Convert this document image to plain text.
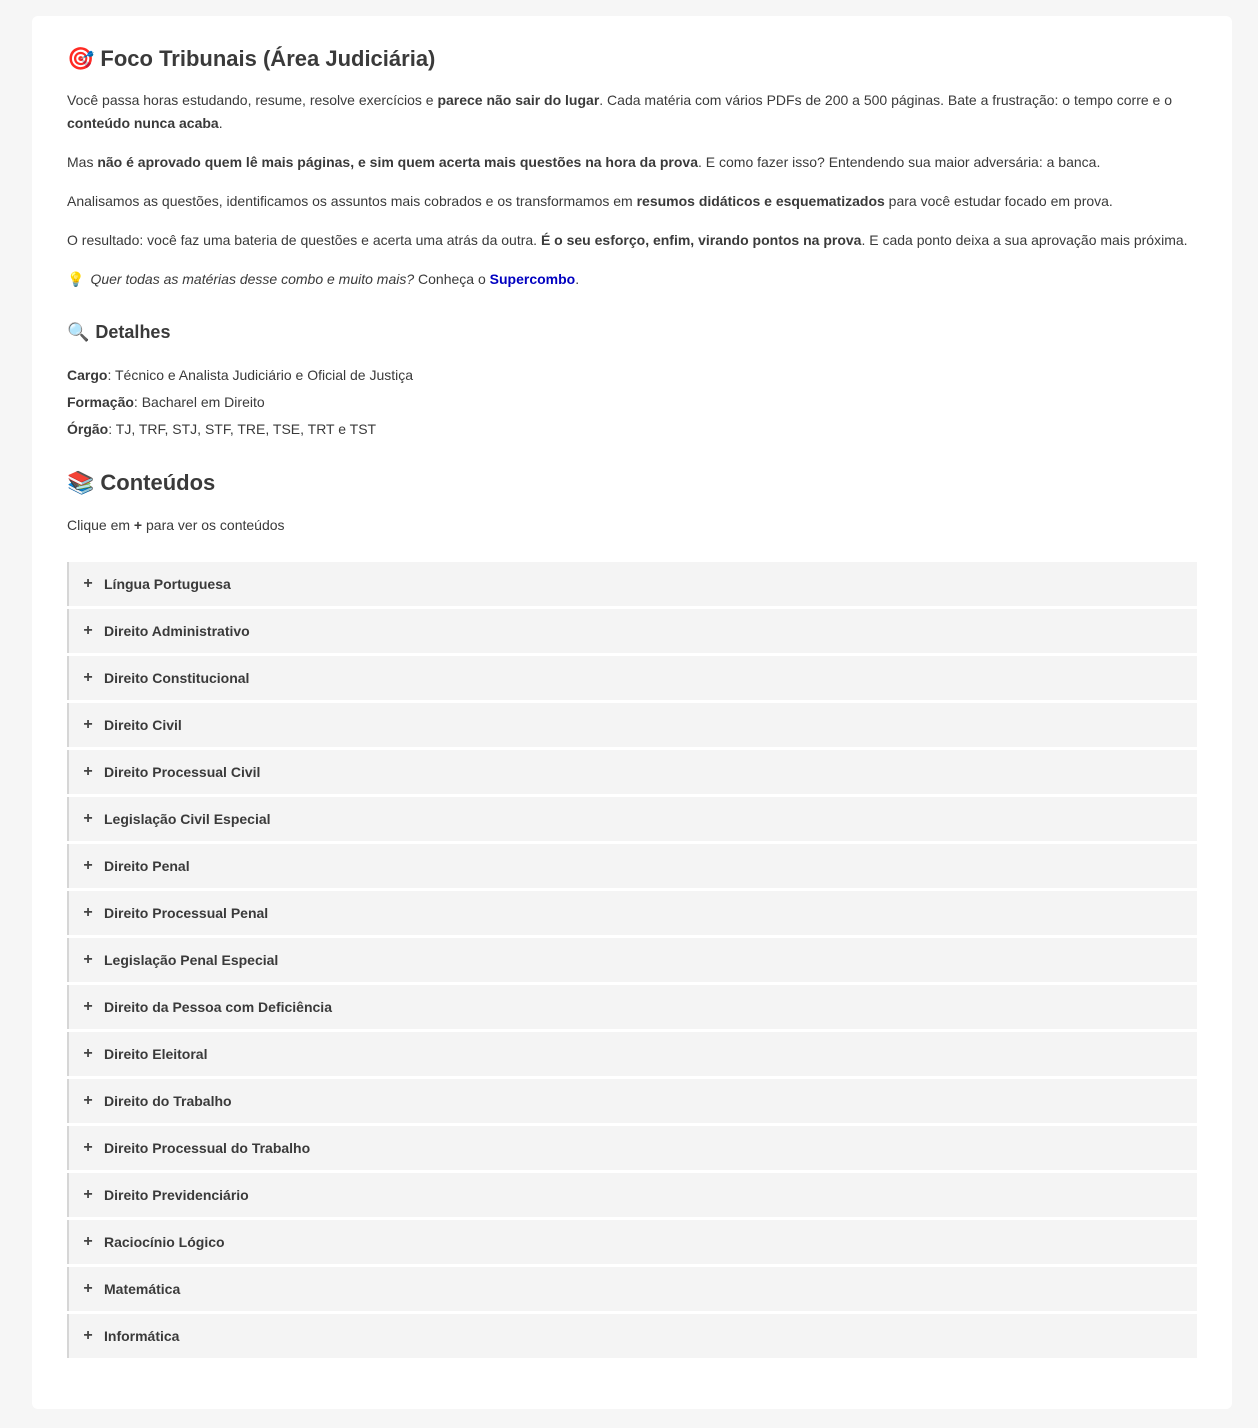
🎯 Foco Tribunais (Área Judiciária)

Você passa horas estudando, resume, resolve exercícios e parece não sair do lugar. Cada matéria com vários PDFs de 200 a 500 páginas. Bate a frustração: o tempo corre e o conteúdo nunca acaba.

Mas não é aprovado quem lê mais páginas, e sim quem acerta mais questões na hora da prova. E como fazer isso? Entendendo sua maior adversária: a banca.

Analisamos as questões, identificamos os assuntos mais cobrados e os transformamos em resumos didáticos e esquematizados para você estudar focado em prova.

O resultado: você faz uma bateria de questões e acerta uma atrás da outra. É o seu esforço, enfim, virando pontos na prova. E cada ponto deixa a sua aprovação mais próxima.

💡 Quer todas as matérias desse combo e muito mais? Conheça o Supercombo.

🔍 Detalhes
Cargo: Técnico e Analista Judiciário e Oficial de Justiça
Formação: Bacharel em Direito
Órgão: TJ, TRF, STJ, STF, TRE, TSE, TRT e TST
📚 Conteúdos
Clique em + para ver os conteúdos
+ Língua Portuguesa
+ Direito Administrativo
+ Direito Constitucional
+ Direito Civil
+ Direito Processual Civil
+ Legislação Civil Especial
+ Direito Penal
+ Direito Processual Penal
+ Legislação Penal Especial
+ Direito da Pessoa com Deficiência
+ Direito Eleitoral
+ Direito do Trabalho
+ Direito Processual do Trabalho
+ Direito Previdenciário
+ Raciocínio Lógico
+ Matemática
+ Informática
